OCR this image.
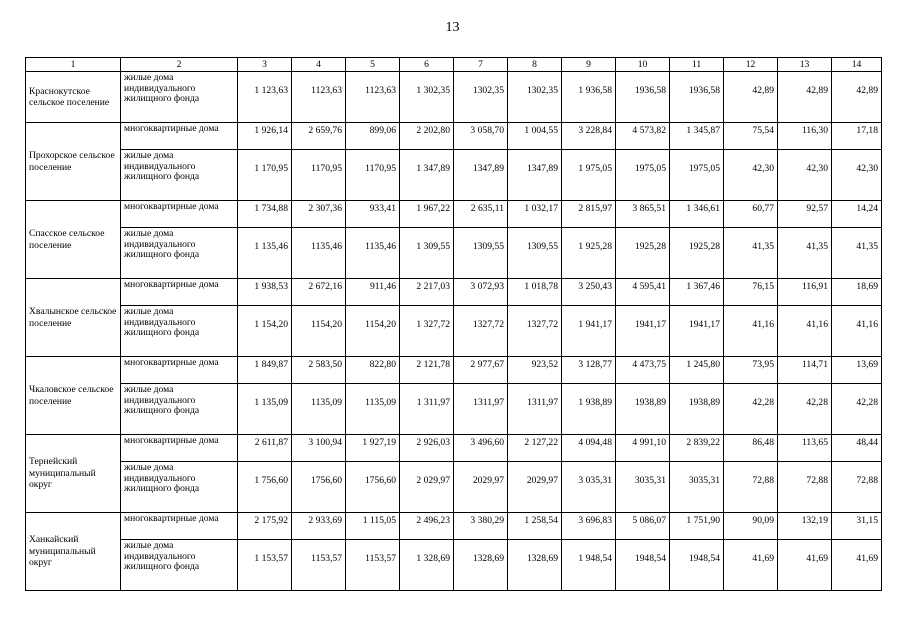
13
1	2	3	4	5	6	7	8	9	10	11	12	13	14
Краснокутское сельское поселение	жилые дома индивидуального жилищного фонда	1 123,63	1123,63	1123,63	1 302,35	1302,35	1302,35	1 936,58	1936,58	1936,58	42,89	42,89	42,89
Прохорское сельское поселение	многоквартирные дома	1 926,14	2 659,76	899,06	2 202,80	3 058,70	1 004,55	3 228,84	4 573,82	1 345,87	75,54	116,30	17,18
	жилые дома индивидуального жилищного фонда	1 170,95	1170,95	1170,95	1 347,89	1347,89	1347,89	1 975,05	1975,05	1975,05	42,30	42,30	42,30
Спасское сельское поселение	многоквартирные дома	1 734,88	2 307,36	933,41	1 967,22	2 635,11	1 032,17	2 815,97	3 865,51	1 346,61	60,77	92,57	14,24
	жилые дома индивидуального жилищного фонда	1 135,46	1135,46	1135,46	1 309,55	1309,55	1309,55	1 925,28	1925,28	1925,28	41,35	41,35	41,35
Хвалынское сельское поселение	многоквартирные дома	1 938,53	2 672,16	911,46	2 217,03	3 072,93	1 018,78	3 250,43	4 595,41	1 367,46	76,15	116,91	18,69
	жилые дома индивидуального жилищного фонда	1 154,20	1154,20	1154,20	1 327,72	1327,72	1327,72	1 941,17	1941,17	1941,17	41,16	41,16	41,16
Чкаловское сельское поселение	многоквартирные дома	1 849,87	2 583,50	822,80	2 121,78	2 977,67	923,52	3 128,77	4 473,75	1 245,80	73,95	114,71	13,69
	жилые дома индивидуального жилищного фонда	1 135,09	1135,09	1135,09	1 311,97	1311,97	1311,97	1 938,89	1938,89	1938,89	42,28	42,28	42,28
Тернейский муниципальный округ	многоквартирные дома	2 611,87	3 100,94	1 927,19	2 926,03	3 496,60	2 127,22	4 094,48	4 991,10	2 839,22	86,48	113,65	48,44
	жилые дома индивидуального жилищного фонда	1 756,60	1756,60	1756,60	2 029,97	2029,97	2029,97	3 035,31	3035,31	3035,31	72,88	72,88	72,88
Ханкайский муниципальный округ	многоквартирные дома	2 175,92	2 933,69	1 115,05	2 496,23	3 380,29	1 258,54	3 696,83	5 086,07	1 751,90	90,09	132,19	31,15
	жилые дома индивидуального жилищного фонда	1 153,57	1153,57	1153,57	1 328,69	1328,69	1328,69	1 948,54	1948,54	1948,54	41,69	41,69	41,69
